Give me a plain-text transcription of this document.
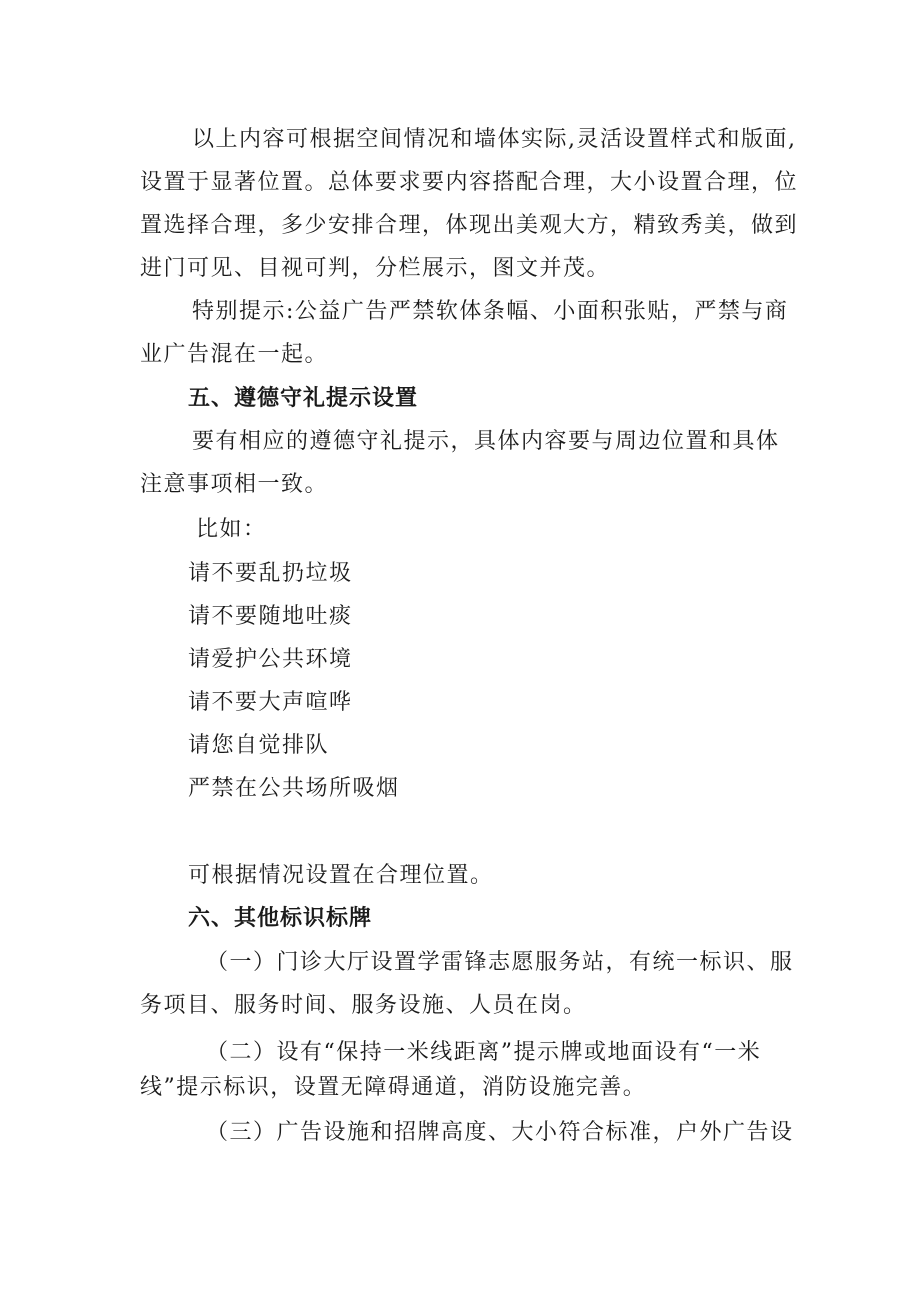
以上内容可根据空间情况和墙体实际,灵活设置样式和版面,
设置于显著位置。总体要求要内容搭配合理，大小设置合理，位
置选择合理，多少安排合理，体现出美观大方，精致秀美，做到
进门可见、目视可判，分栏展示，图文并茂。
特别提示:公益广告严禁软体条幅、小面积张贴，严禁与商
业广告混在一起。
五、遵德守礼提示设置
要有相应的遵德守礼提示，具体内容要与周边位置和具体
注意事项相一致。
比如：
请不要乱扔垃圾
请不要随地吐痰
请爱护公共环境
请不要大声喧哗
请您自觉排队
严禁在公共场所吸烟
可根据情况设置在合理位置。
六、其他标识标牌
（一）门诊大厅设置学雷锋志愿服务站，有统一标识、服
务项目、服务时间、服务设施、人员在岗。
（二）设有“保持一米线距离”提示牌或地面设有“一米
线”提示标识，设置无障碍通道，消防设施完善。
（三）广告设施和招牌高度、大小符合标准，户外广告设
